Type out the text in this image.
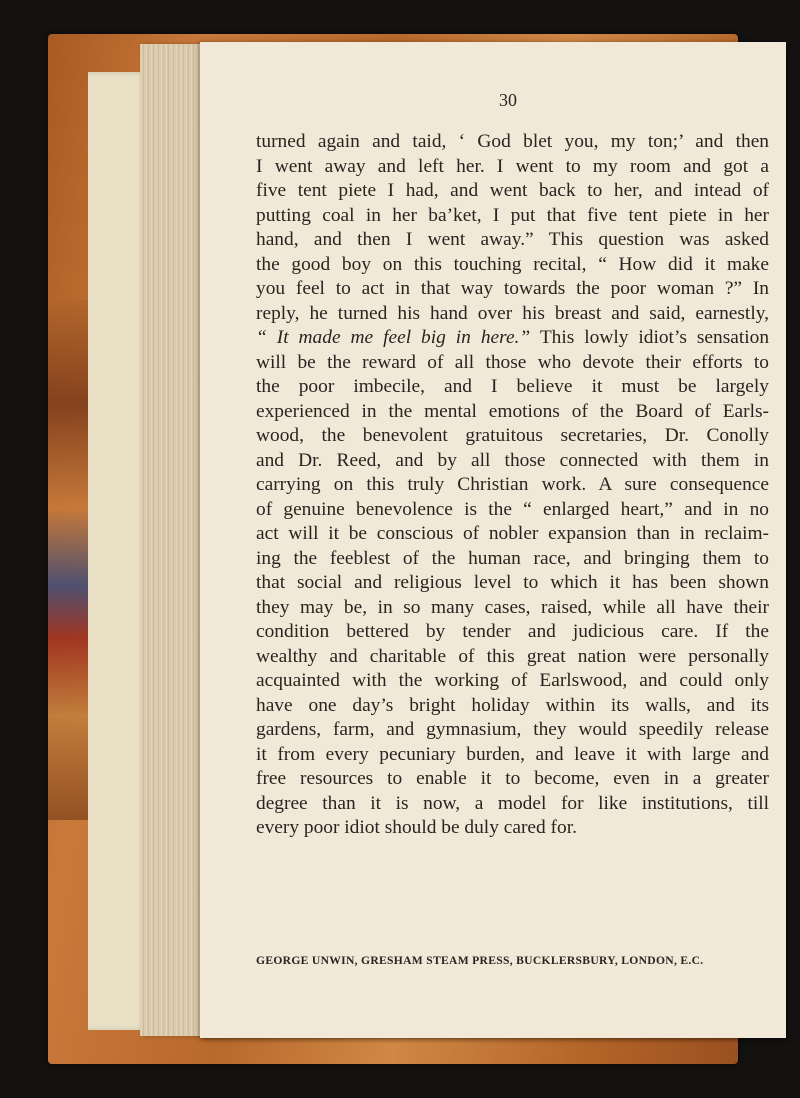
30
turned again and taid, ‘ God blet you, my ton;’ and then
I went away and left her. I went to my room and got a
five tent piete I had, and went back to her, and intead of
putting coal in her ba’ket, I put that five tent piete in her
hand, and then I went away.” This question was asked
the good boy on this touching recital, “ How did it make
you feel to act in that way towards the poor woman ?” In
reply, he turned his hand over his breast and said, earnestly,
“ It made me feel big in here.” This lowly idiot’s sensation
will be the reward of all those who devote their efforts to
the poor imbecile, and I believe it must be largely
experienced in the mental emotions of the Board of Earls-
wood, the benevolent gratuitous secretaries, Dr. Conolly
and Dr. Reed, and by all those connected with them in
carrying on this truly Christian work. A sure consequence
of genuine benevolence is the “ enlarged heart,” and in no
act will it be conscious of nobler expansion than in reclaim-
ing the feeblest of the human race, and bringing them to
that social and religious level to which it has been shown
they may be, in so many cases, raised, while all have their
condition bettered by tender and judicious care. If the
wealthy and charitable of this great nation were personally
acquainted with the working of Earlswood, and could only
have one day’s bright holiday within its walls, and its
gardens, farm, and gymnasium, they would speedily release
it from every pecuniary burden, and leave it with large and
free resources to enable it to become, even in a greater
degree than it is now, a model for like institutions, till
every poor idiot should be duly cared for.
GEORGE UNWIN, GRESHAM STEAM PRESS, BUCKLERSBURY, LONDON, E.C.
